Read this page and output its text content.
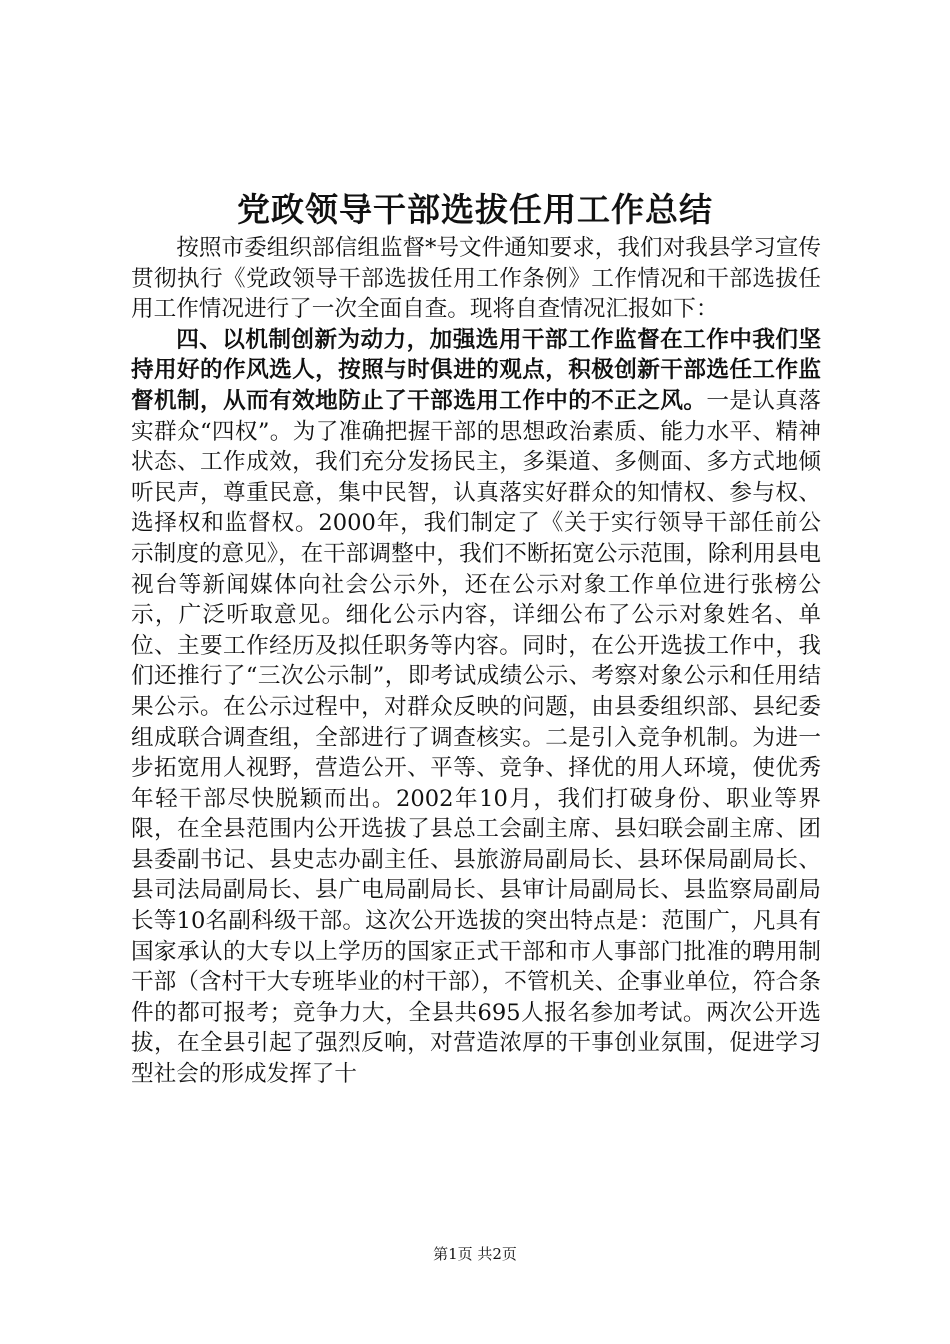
党政领导干部选拔任用工作总结

按照市委组织部信组监督*号文件通知要求，我们对我县学习宣传贯彻执行《党政领导干部选拔任用工作条例》工作情况和干部选拔任用工作情况进行了一次全面自查。现将自查情况汇报如下：

四、以机制创新为动力，加强选用干部工作监督在工作中我们坚持用好的作风选人，按照与时俱进的观点，积极创新干部选任工作监督机制，从而有效地防止了干部选用工作中的不正之风。一是认真落实群众“四权”。为了准确把握干部的思想政治素质、能力水平、精神状态、工作成效，我们充分发扬民主，多渠道、多侧面、多方式地倾听民声，尊重民意，集中民智，认真落实好群众的知情权、参与权、选择权和监督权。2000年，我们制定了《关于实行领导干部任前公示制度的意见》，在干部调整中，我们不断拓宽公示范围，除利用县电视台等新闻媒体向社会公示外，还在公示对象工作单位进行张榜公示，广泛听取意见。细化公示内容，详细公布了公示对象姓名、单位、主要工作经历及拟任职务等内容。同时，在公开选拔工作中，我们还推行了“三次公示制”，即考试成绩公示、考察对象公示和任用结果公示。在公示过程中，对群众反映的问题，由县委组织部、县纪委组成联合调查组，全部进行了调查核实。二是引入竞争机制。为进一步拓宽用人视野，营造公开、平等、竞争、择优的用人环境，使优秀年轻干部尽快脱颖而出。2002年10月，我们打破身份、职业等界限，在全县范围内公开选拔了县总工会副主席、县妇联会副主席、团县委副书记、县史志办副主任、县旅游局副局长、县环保局副局长、县司法局副局长、县广电局副局长、县审计局副局长、县监察局副局长等10名副科级干部。这次公开选拔的突出特点是：范围广，凡具有国家承认的大专以上学历的国家正式干部和市人事部门批准的聘用制干部（含村干大专班毕业的村干部），不管机关、企事业单位，符合条件的都可报考；竞争力大，全县共695人报名参加考试。两次公开选拔，在全县引起了强烈反响，对营造浓厚的干事创业氛围，促进学习型社会的形成发挥了十

第1页 共2页
